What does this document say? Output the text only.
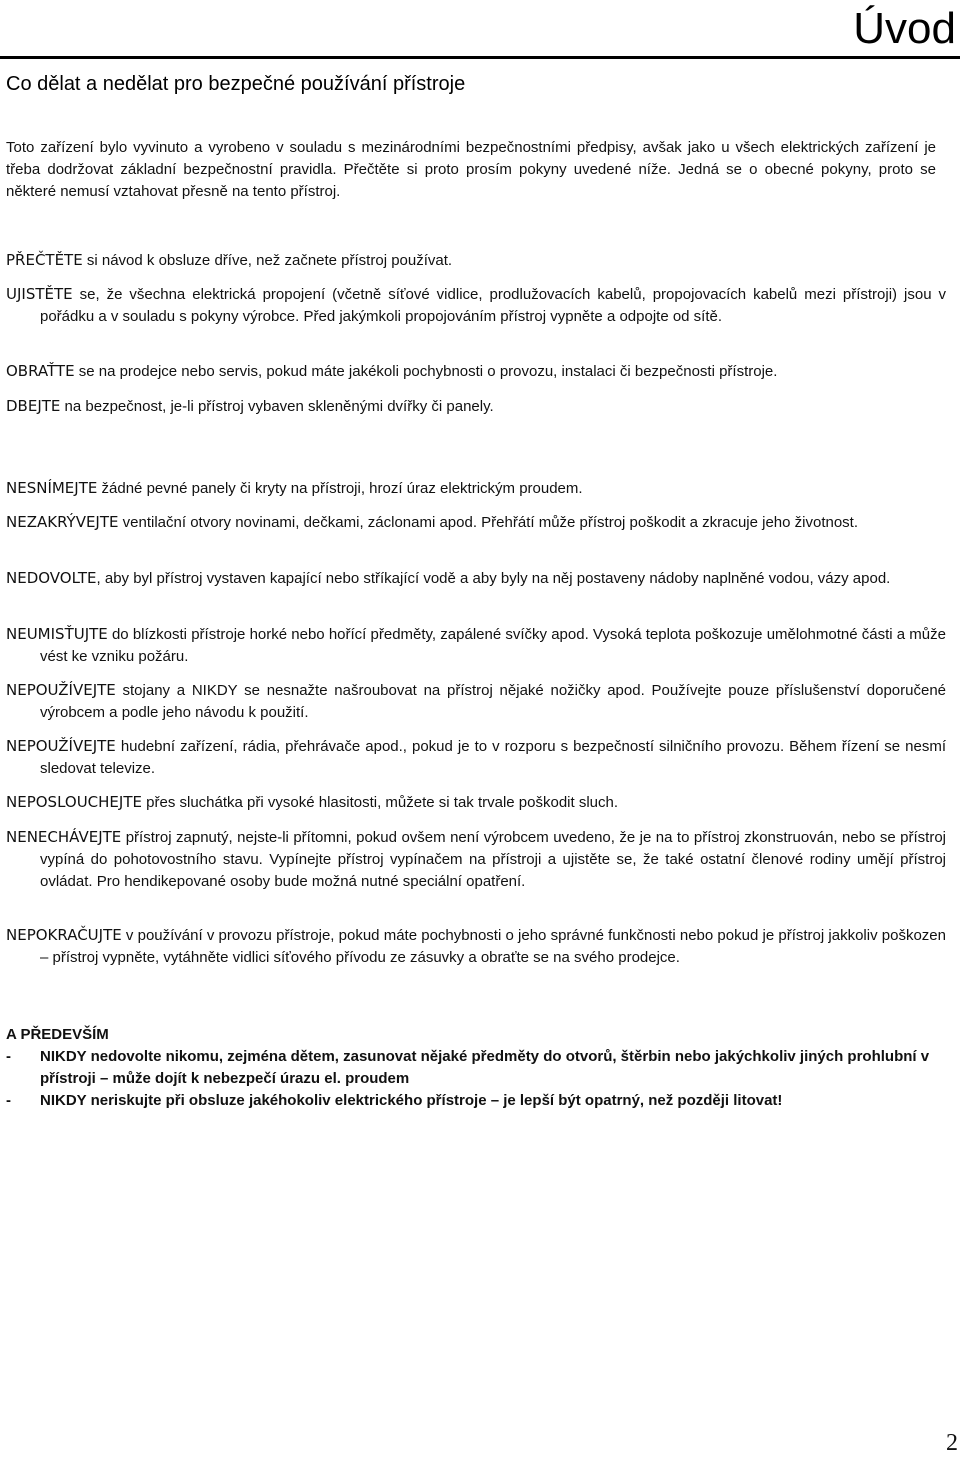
Úvod
Co dělat a nedělat pro bezpečné používání přístroje
Toto zařízení bylo vyvinuto a vyrobeno v souladu s mezinárodními bezpečnostními předpisy, avšak jako u všech elektrických zařízení je třeba dodržovat základní bezpečnostní pravidla. Přečtěte si proto prosím pokyny uvedené níže. Jedná se o obecné pokyny, proto se některé nemusí vztahovat přesně na tento přístroj.
PŘEČTĚTE si návod k obsluze dříve, než začnete přístroj používat.
UJISTĚTE se, že všechna elektrická propojení (včetně síťové vidlice, prodlužovacích kabelů, propojovacích kabelů mezi přístroji) jsou v pořádku a v souladu s pokyny výrobce. Před jakýmkoli propojováním přístroj vypněte a odpojte od sítě.
OBRAŤTE se na prodejce nebo servis, pokud máte jakékoli pochybnosti o provozu, instalaci či bezpečnosti přístroje.
DBEJTE na bezpečnost, je-li přístroj vybaven skleněnými dvířky či panely.
NESNÍMEJTE žádné pevné panely či kryty na přístroji, hrozí úraz elektrickým proudem.
NEZAKRÝVEJTE ventilační otvory novinami, dečkami, záclonami apod. Přehřátí může přístroj poškodit a zkracuje jeho životnost.
NEDOVOLTE, aby byl přístroj vystaven kapající nebo stříkající vodě a aby byly na něj postaveny nádoby naplněné vodou, vázy apod.
NEUMISŤUJTE do blízkosti přístroje horké nebo hořící předměty, zapálené svíčky apod. Vysoká teplota poškozuje umělohmotné části a může vést ke vzniku požáru.
NEPOUŽÍVEJTE stojany a NIKDY se nesnažte našroubovat na přístroj nějaké nožičky apod. Používejte pouze příslušenství doporučené výrobcem a podle jeho návodu k použití.
NEPOUŽÍVEJTE hudební zařízení, rádia, přehrávače apod., pokud je to v rozporu s bezpečností silničního provozu. Během řízení se nesmí sledovat televize.
NEPOSLOUCHEJTE přes sluchátka při vysoké hlasitosti, můžete si tak trvale poškodit sluch.
NENECHÁVEJTE přístroj zapnutý, nejste-li přítomni, pokud ovšem není výrobcem uvedeno, že je na to přístroj zkonstruován, nebo se přístroj vypíná do pohotovostního stavu. Vypínejte přístroj vypínačem na přístroji a ujistěte se, že také ostatní členové rodiny umějí přístroj ovládat. Pro hendikepované osoby bude možná nutné speciální opatření.
NEPOKRAČUJTE v používání v provozu přístroje, pokud máte pochybnosti o jeho správné funkčnosti nebo pokud je přístroj jakkoliv poškozen – přístroj vypněte, vytáhněte vidlici síťového přívodu ze zásuvky a obraťte se na svého prodejce.
A PŘEDEVŠÍM
- NIKDY nedovolte nikomu, zejména dětem, zasunovat nějaké předměty do otvorů, štěrbin nebo jakýchkoliv jiných prohlubní v přístroji – může dojít k nebezpečí úrazu el. proudem
- NIKDY neriskujte při obsluze jakéhokoliv elektrického přístroje – je lepší být opatrný, než později litovat!
2
